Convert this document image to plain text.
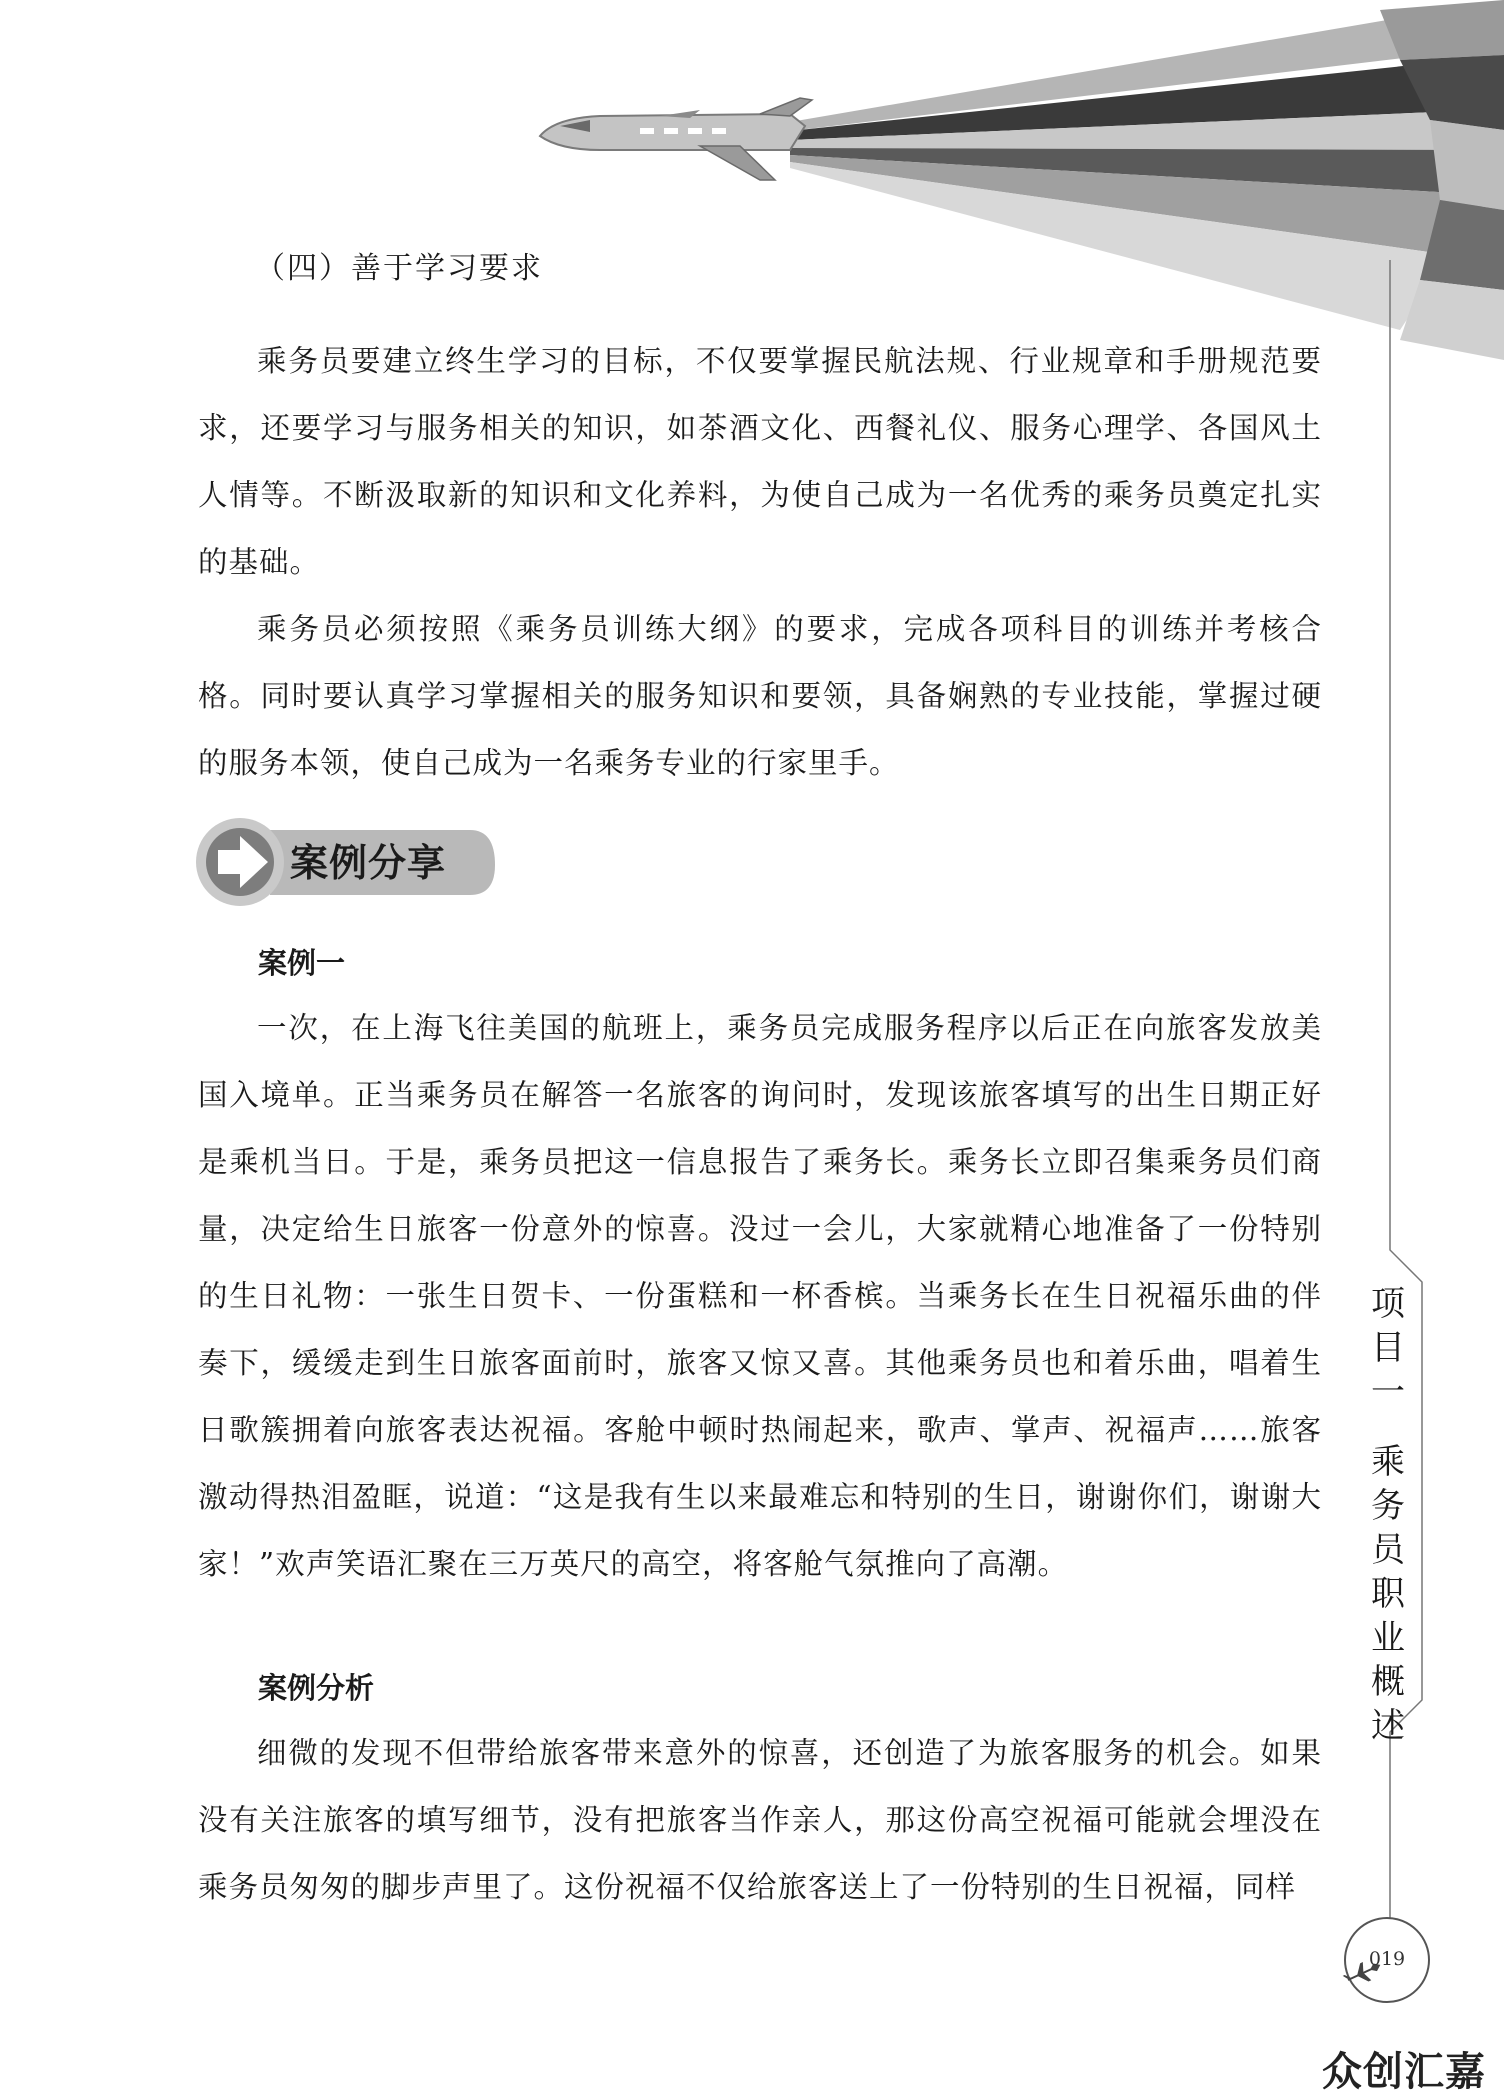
（四）善于学习要求

乘务员要建立终生学习的目标，不仅要掌握民航法规、行业规章和手册规范要求，还要学习与服务相关的知识，如茶酒文化、西餐礼仪、服务心理学、各国风土人情等。不断汲取新的知识和文化养料，为使自己成为一名优秀的乘务员奠定扎实的基础。

乘务员必须按照《乘务员训练大纲》的要求，完成各项科目的训练并考核合格。同时要认真学习掌握相关的服务知识和要领，具备娴熟的专业技能，掌握过硬的服务本领，使自己成为一名乘务专业的行家里手。

案例分享
案例一

一次，在上海飞往美国的航班上，乘务员完成服务程序以后正在向旅客发放美国入境单。正当乘务员在解答一名旅客的询问时，发现该旅客填写的出生日期正好是乘机当日。于是，乘务员把这一信息报告了乘务长。乘务长立即召集乘务员们商量，决定给生日旅客一份意外的惊喜。没过一会儿，大家就精心地准备了一份特别的生日礼物：一张生日贺卡、一份蛋糕和一杯香槟。当乘务长在生日祝福乐曲的伴奏下，缓缓走到生日旅客面前时，旅客又惊又喜。其他乘务员也和着乐曲，唱着生日歌簇拥着向旅客表达祝福。客舱中顿时热闹起来，歌声、掌声、祝福声……旅客激动得热泪盈眶，说道：“这是我有生以来最难忘和特别的生日，谢谢你们，谢谢大家！”欢声笑语汇聚在三万英尺的高空，将客舱气氛推向了高潮。

案例分析

细微的发现不但带给旅客带来意外的惊喜，还创造了为旅客服务的机会。如果没有关注旅客的填写细节，没有把旅客当作亲人，那这份高空祝福可能就会埋没在乘务员匆匆的脚步声里了。这份祝福不仅给旅客送上了一份特别的生日祝福，同样

项目一
乘务员职业概述
019
众创汇嘉
